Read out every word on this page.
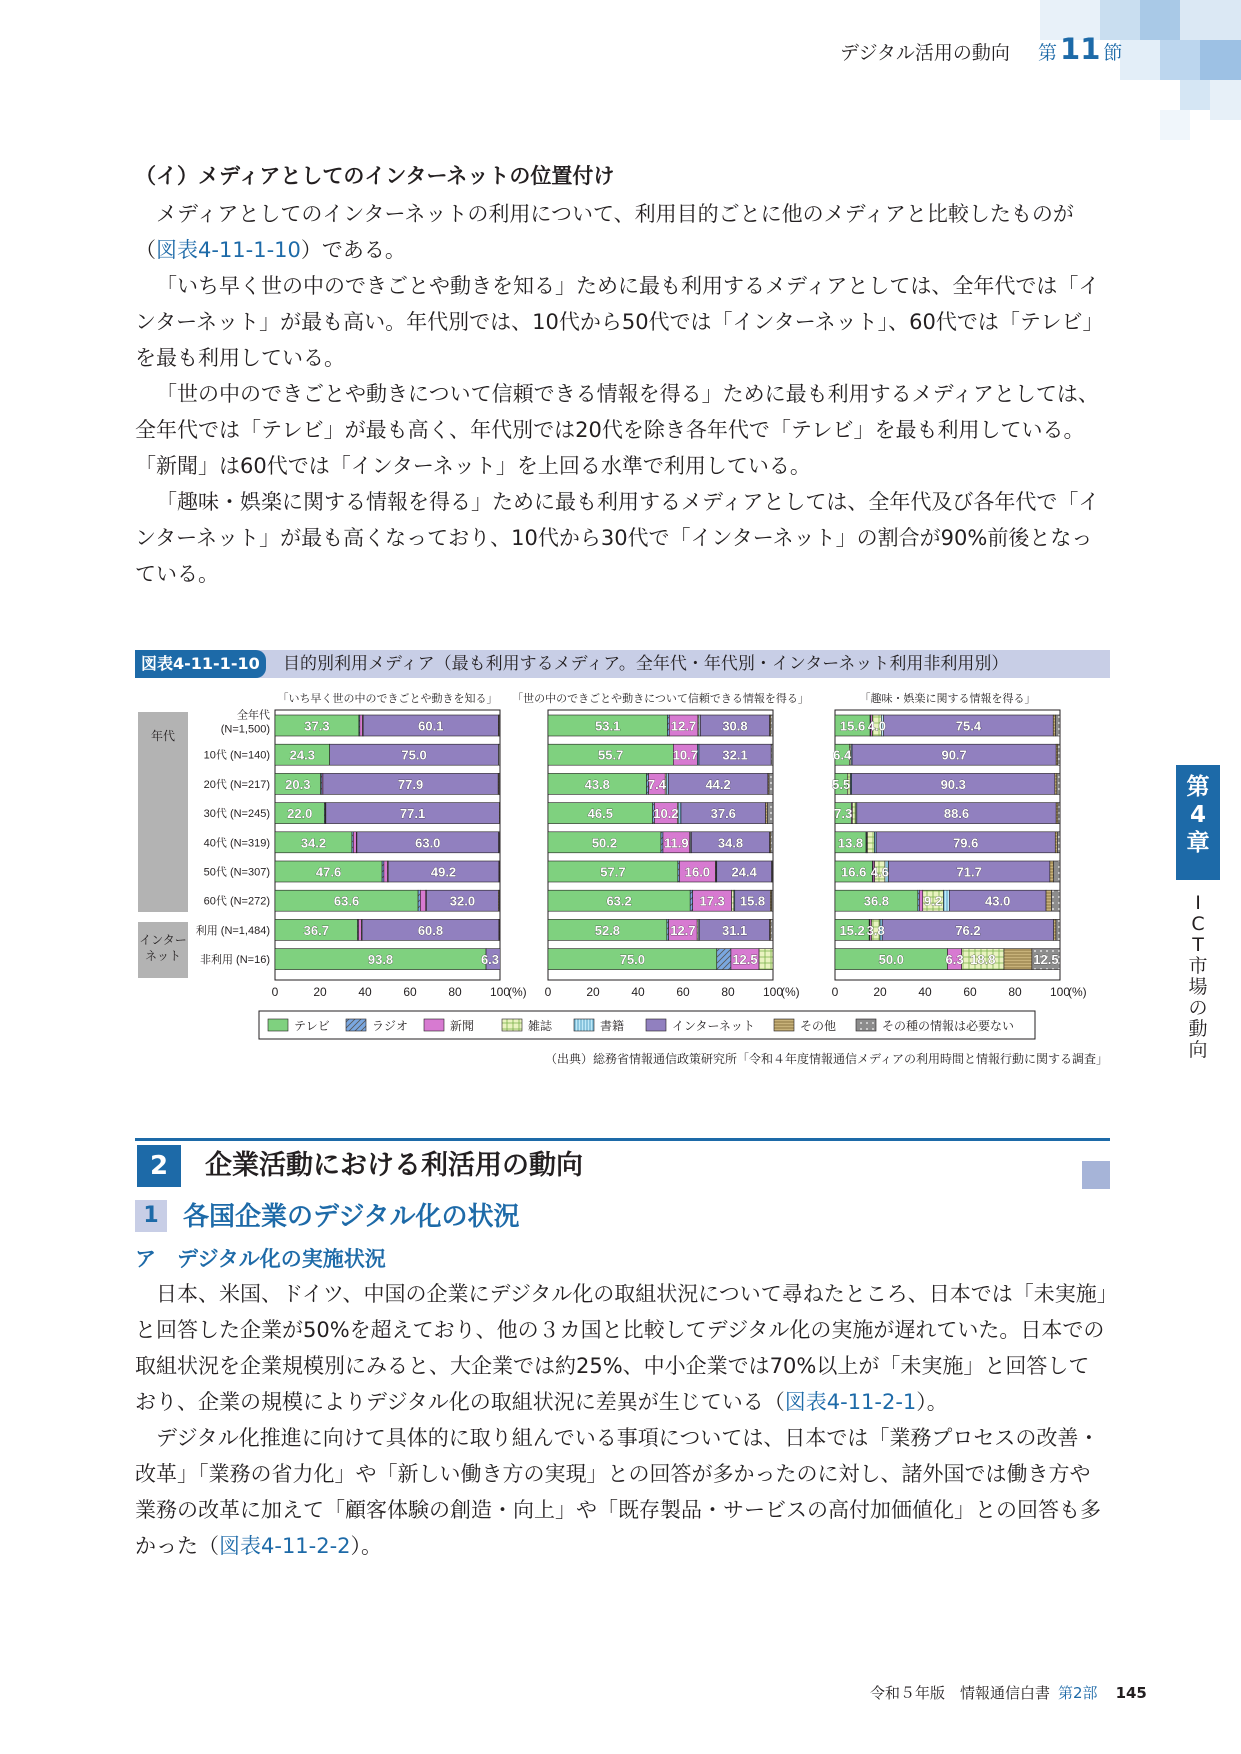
デジタル活用の動向 第 11 節
第
4
章
I
C
T
市
場
の
動
向
（イ）メディアとしてのインターネットの位置付け

メディアとしてのインターネットの利用について、利用目的ごとに他のメディアと比較したものが（図表4-11-1-10）である。

「いち早く世の中のできごとや動きを知る」ために最も利用するメディアとしては、全年代では「インターネット」が最も高い。年代別では、10代から50代では「インターネット」、60代では「テレビ」を最も利用している。

「世の中のできごとや動きについて信頼できる情報を得る」ために最も利用するメディアとしては、全年代では「テレビ」が最も高く、年代別では20代を除き各年代で「テレビ」を最も利用している。「新聞」は60代では「インターネット」を上回る水準で利用している。

「趣味・娯楽に関する情報を得る」ために最も利用するメディアとしては、全年代及び各年代で「インターネット」が最も高くなっており、10代から30代で「インターネット」の割合が90%前後となっている。

図表4-11-1-10	目的別利用メディア（最も利用するメディア。全年代・年代別・インターネット利用非利用別）
年代
インター
ネット
全年代
(N=1,500)
10代 (N=140)
20代 (N=217)
30代 (N=245)
40代 (N=319)
50代 (N=307)
60代 (N=272)
利用 (N=1,484)
非利用 (N=16)
「いち早く世の中のできごとや動きを知る」
37.3	60.1
24.3	75.0
20.3	77.9
22.0	77.1
34.2	63.0
47.6	49.2
63.6	32.0
36.7	60.8
93.8	6.3
0	20	40	60	80 100
(%)
「世の中のできごとや動きについて信頼できる情報を得る」
53.1	12.7 30.8
55.7	10.7 32.1
43.8	7.4	44.2
46.5	10.2 37.6
50.2	11.9 34.8
57.7	16.0 24.4
63.2	17.3 15.8
52.8	12.7 31.1
75.0	12.5
0	20	40	60	80 100
(%)
「趣味・娯楽に関する情報を得る」
15.6 4.0	75.4
6.4	90.7
5.5	90.3
7.3	88.6
13.8	79.6
16.6 4.6	71.7
36.8	9.2	43.0
15.2 3.8	76.2
50.0	6.3 18.8	12.5
0	20	40	60	80 100
(%)
テレビ	ラジオ	新聞	雑誌	書籍	インターネット	その他	その種の情報は必要ない
（出典）総務省情報通信政策研究所「令和４年度情報通信メディアの利用時間と情報行動に関する調査」
2	企業活動における利活用の動向
1 各国企業のデジタル化の状況
ア　デジタル化の実施状況

日本、米国、ドイツ、中国の企業にデジタル化の取組状況について尋ねたところ、日本では「未実施」と回答した企業が50%を超えており、他の３カ国と比較してデジタル化の実施が遅れていた。日本での取組状況を企業規模別にみると、大企業では約25%、中小企業では70%以上が「未実施」と回答しており、企業の規模によりデジタル化の取組状況に差異が生じている（図表4-11-2-1）。

デジタル化推進に向けて具体的に取り組んでいる事項については、日本では「業務プロセスの改善・改革」「業務の省力化」や「新しい働き方の実現」との回答が多かったのに対し、諸外国では働き方や業務の改革に加えて「顧客体験の創造・向上」や「既存製品・サービスの高付加価値化」との回答も多かった（図表4-11-2-2）。

令和５年版　情報通信白書 第2部 145
